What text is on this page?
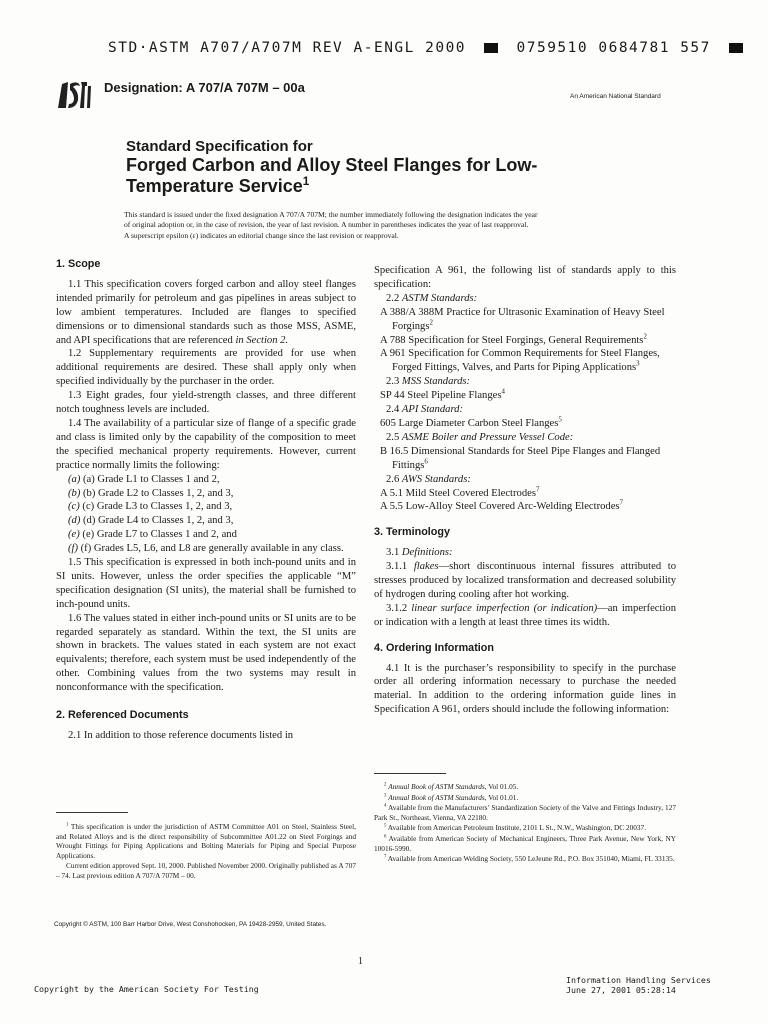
STD·ASTM A707/A707M REV A-ENGL 2000	0759510 0684781 557
ASTM
Designation: A 707/A 707M – 00a
An American National Standard
Standard Specification for
Forged Carbon and Alloy Steel Flanges for Low-
Temperature Service$^1$
This standard is issued under the fixed designation A 707/A 707M; the number immediately following the designation indicates the year
of original adoption or, in the case of revision, the year of last revision. A number in parentheses indicates the year of last reapproval.
A superscript epsilon (ε) indicates an editorial change since the last revision or reapproval.

1. Scope

1.1 This specification covers forged carbon and alloy steel flanges intended primarily for petroleum and gas pipelines in areas subject to low ambient temperatures. Included are flanges to specified dimensions or to dimensional standards such as those MSS, ASME, and API specifications that are referenced in Section 2.

1.2 Supplementary requirements are provided for use when additional requirements are desired. These shall apply only when specified individually by the purchaser in the order.

1.3 Eight grades, four yield-strength classes, and three different notch toughness levels are included.

1.4 The availability of a particular size of flange of a specific grade and class is limited only by the capability of the composition to meet the specified mechanical property requirements. However, current practice normally limits the following:

(a) (a) Grade L1 to Classes 1 and 2,

(b) (b) Grade L2 to Classes 1, 2, and 3,

(c) (c) Grade L3 to Classes 1, 2, and 3,

(d) (d) Grade L4 to Classes 1, 2, and 3,

(e) (e) Grade L7 to Classes 1 and 2, and

(f) (f) Grades L5, L6, and L8 are generally available in any class.

1.5 This specification is expressed in both inch-pound units and in SI units. However, unless the order specifies the applicable “M” specification designation (SI units), the material shall be furnished to inch-pound units.

1.6 The values stated in either inch-pound units or SI units are to be regarded separately as standard. Within the text, the SI units are shown in brackets. The values stated in each system are not exact equivalents; therefore, each system must be used independently of the other. Combining values from the two systems may result in nonconformance with the specification.

2. Referenced Documents

2.1 In addition to those reference documents listed in

Specification A 961, the following list of standards apply to this specification:

2.2 ASTM Standards:

A 388/A 388M Practice for Ultrasonic Examination of Heavy Steel Forgings$^2$

A 788 Specification for Steel Forgings, General Requirements$^2$

A 961 Specification for Common Requirements for Steel Flanges, Forged Fittings, Valves, and Parts for Piping Applications$^3$

2.3 MSS Standards:

SP 44 Steel Pipeline Flanges$^4$

2.4 API Standard:

605 Large Diameter Carbon Steel Flanges$^5$

2.5 ASME Boiler and Pressure Vessel Code:

B 16.5 Dimensional Standards for Steel Pipe Flanges and Flanged Fittings$^6$

2.6 AWS Standards:

A 5.1 Mild Steel Covered Electrodes$^7$

A 5.5 Low-Alloy Steel Covered Arc-Welding Electrodes$^7$

3. Terminology

3.1 Definitions:

3.1.1 flakes—short discontinuous internal fissures attributed to stresses produced by localized transformation and decreased solubility of hydrogen during cooling after hot working.

3.1.2 linear surface imperfection (or indication)—an imperfection or indication with a length at least three times its width.

4. Ordering Information

4.1 It is the purchaser’s responsibility to specify in the purchase order all ordering information necessary to purchase the needed material. In addition to the ordering information guide lines in Specification A 961, orders should include the following information:

$^1$ This specification is under the jurisdiction of ASTM Committee A01 on Steel, Stainless Steel, and Related Alloys and is the direct responsibility of Subcommittee A01.22 on Steel Forgings and Wrought Fittings for Piping Applications and Bolting Materials for Piping and Special Purpose Applications.

Current edition approved Sept. 10, 2000. Published November 2000. Originally published as A 707 – 74. Last previous edition A 707/A 707M – 00.

$^2$ Annual Book of ASTM Standards, Vol 01.05.

$^3$ Annual Book of ASTM Standards, Vol 01.01.

$^4$ Available from the Manufacturers’ Standardization Society of the Valve and Fittings Industry, 127 Park St., Northeast, Vienna, VA 22180.

$^5$ Available from American Petroleum Institute, 2101 L St., N.W., Washington, DC 20037.

$^6$ Available from American Society of Mechanical Engineers, Three Park Avenue, New York, NY 10016-5990.

$^7$ Available from American Welding Society, 550 LeJeune Rd., P.O. Box 351040, Miami, FL 33135.

Copyright © ASTM, 100 Barr Harbor Drive, West Conshohocken, PA 19428-2959, United States.
1
Information Handling Services
June 27, 2001 05:28:14
Copyright by the American Society For Testing
